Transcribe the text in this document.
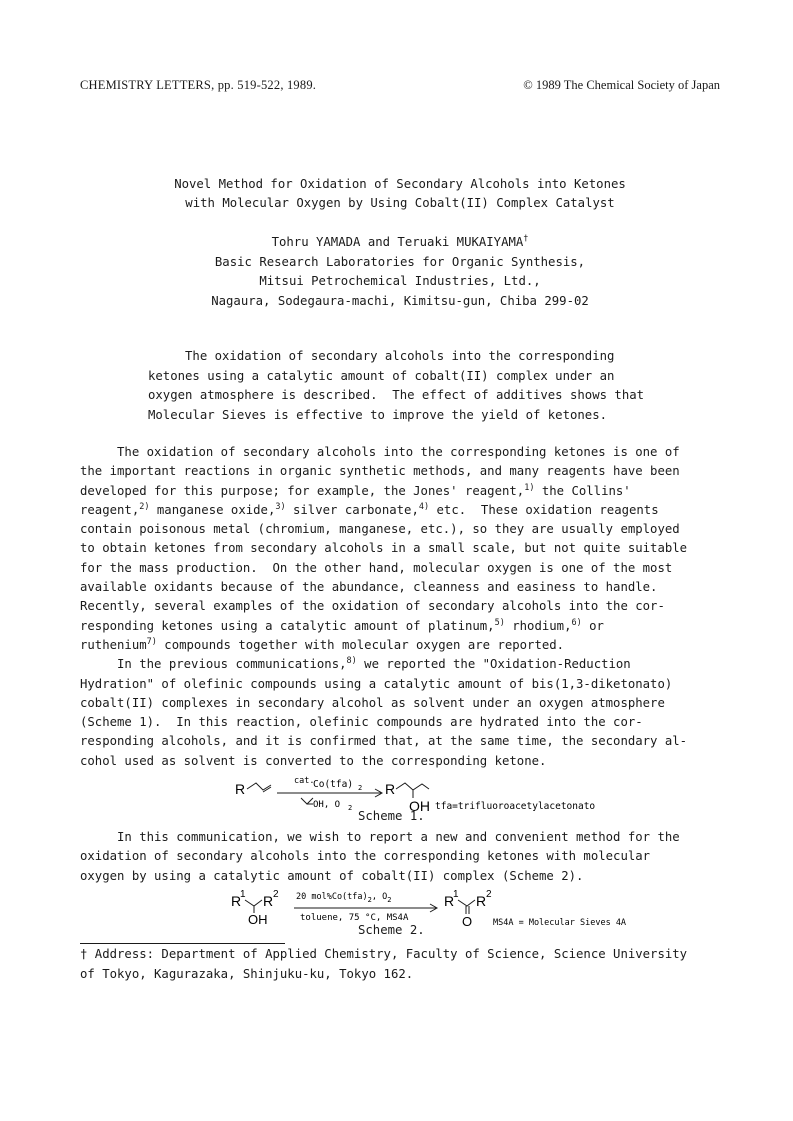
CHEMISTRY LETTERS, pp. 519-522, 1989.	© 1989 The Chemical Society of Japan
Novel Method for Oxidation of Secondary Alcohols into Ketones
with Molecular Oxygen by Using Cobalt(II) Complex Catalyst
Tohru YAMADA and Teruaki MUKAIYAMA†
Basic Research Laboratories for Organic Synthesis,
Mitsui Petrochemical Industries, Ltd.,
Nagaura, Sodegaura-machi, Kimitsu-gun, Chiba 299-02
The oxidation of secondary alcohols into the corresponding
ketones using a catalytic amount of cobalt(II) complex under an
oxygen atmosphere is described.  The effect of additives shows that
Molecular Sieves is effective to improve the yield of ketones.
The oxidation of secondary alcohols into the corresponding ketones is one of
the important reactions in organic synthetic methods, and many reagents have been
developed for this purpose; for example, the Jones' reagent,$^{1)}$ the Collins'
reagent,$^{2)}$ manganese oxide,$^{3)}$ silver carbonate,$^{4)}$ etc.  These oxidation reagents
contain poisonous metal (chromium, manganese, etc.), so they are usually employed
to obtain ketones from secondary alcohols in a small scale, but not quite suitable
for the mass production.  On the other hand, molecular oxygen is one of the most
available oxidants because of the abundance, cleanness and easiness to handle.
Recently, several examples of the oxidation of secondary alcohols into the cor-
responding ketones using a catalytic amount of platinum,$^{5)}$ rhodium,$^{6)}$ or
ruthenium$^{7)}$ compounds together with molecular oxygen are reported.
In the previous communications,$^{8)}$ we reported the "Oxidation-Reduction
Hydration" of olefinic compounds using a catalytic amount of bis(1,3-diketonato)
cobalt(II) complexes in secondary alcohol as solvent under an oxygen atmosphere
(Scheme 1).  In this reaction, olefinic compounds are hydrated into the cor-
responding alcohols, and it is confirmed that, at the same time, the secondary al-
cohol used as solvent is converted to the corresponding ketone.
R	cat.
Co(tfa) 2
OH, O 2
R
OH tfa=trifluoroacetylacetonato
Scheme 1.
In this communication, we wish to report a new and convenient method for the
oxidation of secondary alcohols into the corresponding ketones with molecular
oxygen by using a catalytic amount of cobalt(II) complex (Scheme 2).
R
1 R 2
OH
20 $mol\%Co(tfa)_2$, $O_2$
toluene, 75 °C, MS4A
R
1 R 2
O MS4A = Molecular Sieves 4A
Scheme 2.
† Address: Department of Applied Chemistry, Faculty of Science, Science University
of Tokyo, Kagurazaka, Shinjuku-ku, Tokyo 162.
